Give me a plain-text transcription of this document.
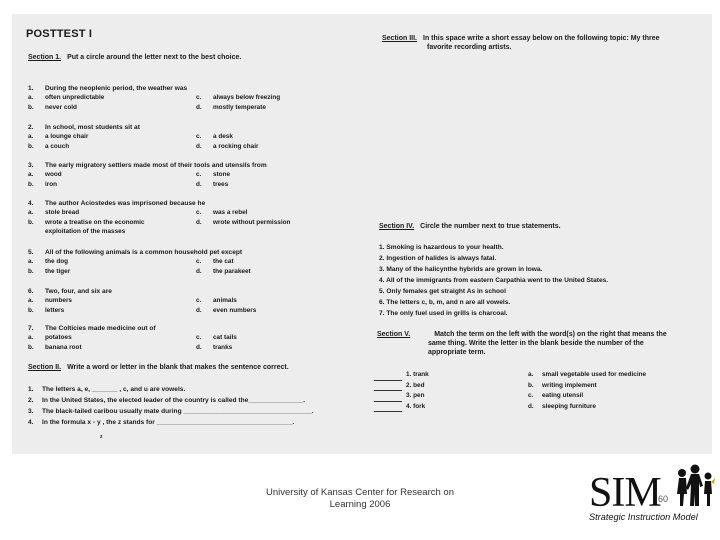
POSTTEST I
Section 1. Put a circle around the letter next to the best choice.
1. During the neoplenic period, the weather was
a. often unpredictable	c. always below freezing
b. never cold	d. mostly temperate
2. In school, most students sit at
a. a lounge chair	c. a desk
b. a couch	d. a rocking chair
3. The early migratory settlers made most of their tools and utensils from
a. wood	c. stone
b. iron	d. trees
4. The author Aciostedes was imprisoned because he
a. stole bread	c. was a rebel
b. wrote a treatise on the economic	d. wrote without permission
exploitation of the masses
5. All of the following animals is a common household pet except
a. the dog	c. the cat
b. the tiger	d. the parakeet
6. Two, four, and six are
a. numbers	c. animals
b. letters	d. even numbers
7. The Colticies made medicine out of
a. potatoes	c. cat tails
b. banana root	d. tranks
Section II. Write a word or letter in the blank that makes the sentence correct.
1. The letters a, e, _______ , c, and u are vowels.
2. In the United States, the elected leader of the country is called the_______________.
3. The black-tailed caribou usually mate during ___________________________________.
4. In the formula x - y , the z stands for _____________________________________.
z
Section III. In this space write a short essay below on the following topic: My three
favorite recording artists.
Section IV. Circle the number next to true statements.
1. Smoking is hazardous to your health.
2. Ingestion of halides is always fatal.
3. Many of the halicynthe hybrids are grown in Iowa.
4. All of the immigrants from eastern Carpathia went to the United States.
5. Only females get straight As in school
6. The letters c, b, m, and n are all vowels.
7. The only fuel used in grills is charcoal.
Section V.	Match the term on the left with the word(s) on the right that means the
same thing. Write the letter in the blank beside the number of the
appropriate term.
1. trank
2. bed
3. pen
4. fork
a. small vegetable used for medicine
b. writing implement
c. eating utensil
d. sleeping furniture
University of Kansas Center for Research on
Learning 2006	60
SIM
Strategic Instruction Model
